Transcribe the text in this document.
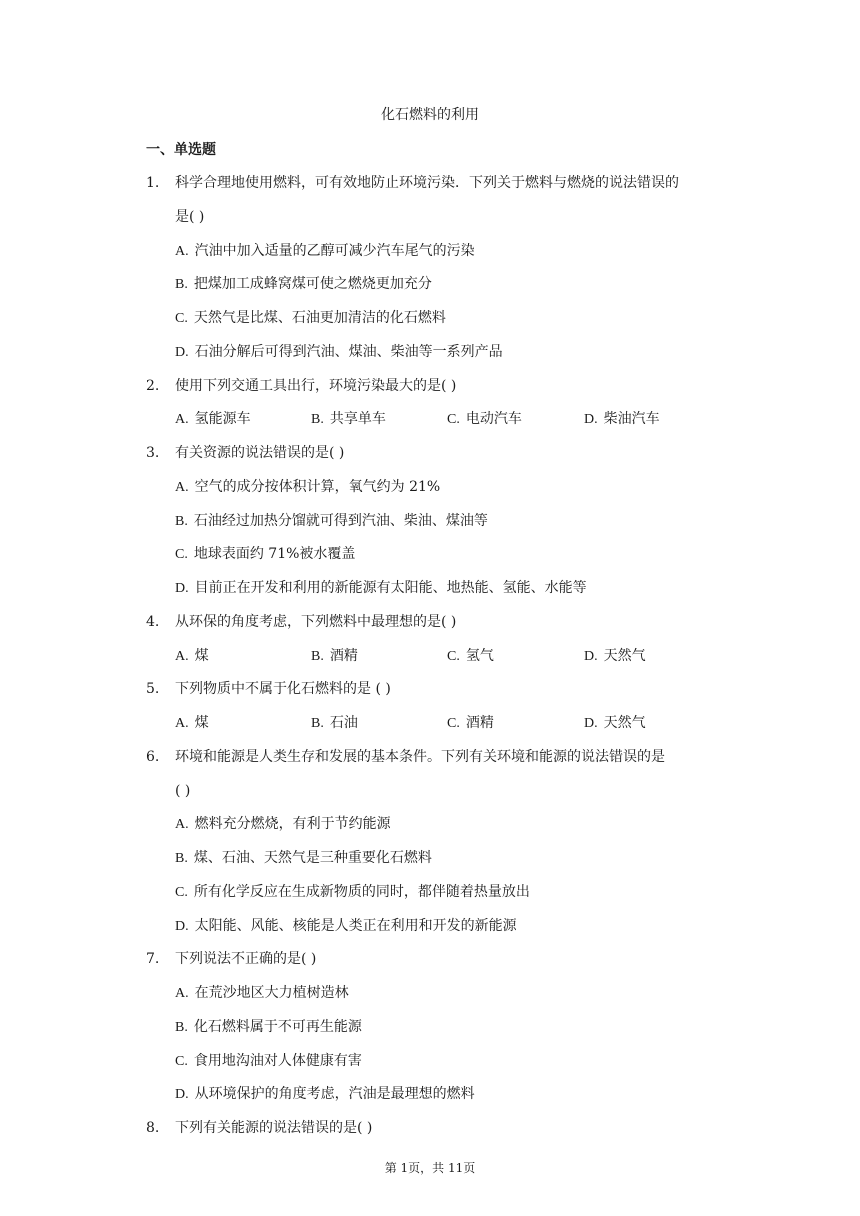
化石燃料的利用
一、单选题
1. 科学合理地使用燃料，可有效地防止环境污染．下列关于燃料与燃烧的说法错误的
是( )
A. 汽油中加入适量的乙醇可减少汽车尾气的污染
B. 把煤加工成蜂窝煤可使之燃烧更加充分
C. 天然气是比煤、石油更加清洁的化石燃料
D. 石油分解后可得到汽油、煤油、柴油等一系列产品
2. 使用下列交通工具出行，环境污染最大的是( )
A. 氢能源车	B. 共享单车	C. 电动汽车	D. 柴油汽车
3. 有关资源的说法错误的是( )
A. 空气的成分按体积计算，氧气约为 21%
B. 石油经过加热分馏就可得到汽油、柴油、煤油等
C. 地球表面约 71%被水覆盖
D. 目前正在开发和利用的新能源有太阳能、地热能、氢能、水能等
4. 从环保的角度考虑，下列燃料中最理想的是( )
A. 煤	B. 酒精	C. 氢气	D. 天然气
5. 下列物质中不属于化石燃料的是 ( )
A. 煤	B. 石油	C. 酒精	D. 天然气
6. 环境和能源是人类生存和发展的基本条件。下列有关环境和能源的说法错误的是
( )
A. 燃料充分燃烧，有利于节约能源
B. 煤、石油、天然气是三种重要化石燃料
C. 所有化学反应在生成新物质的同时，都伴随着热量放出
D. 太阳能、风能、核能是人类正在利用和开发的新能源
7. 下列说法不正确的是( )
A. 在荒沙地区大力植树造林
B. 化石燃料属于不可再生能源
C. 食用地沟油对人体健康有害
D. 从环境保护的角度考虑，汽油是最理想的燃料
8. 下列有关能源的说法错误的是( )
第 1页，共 11页
